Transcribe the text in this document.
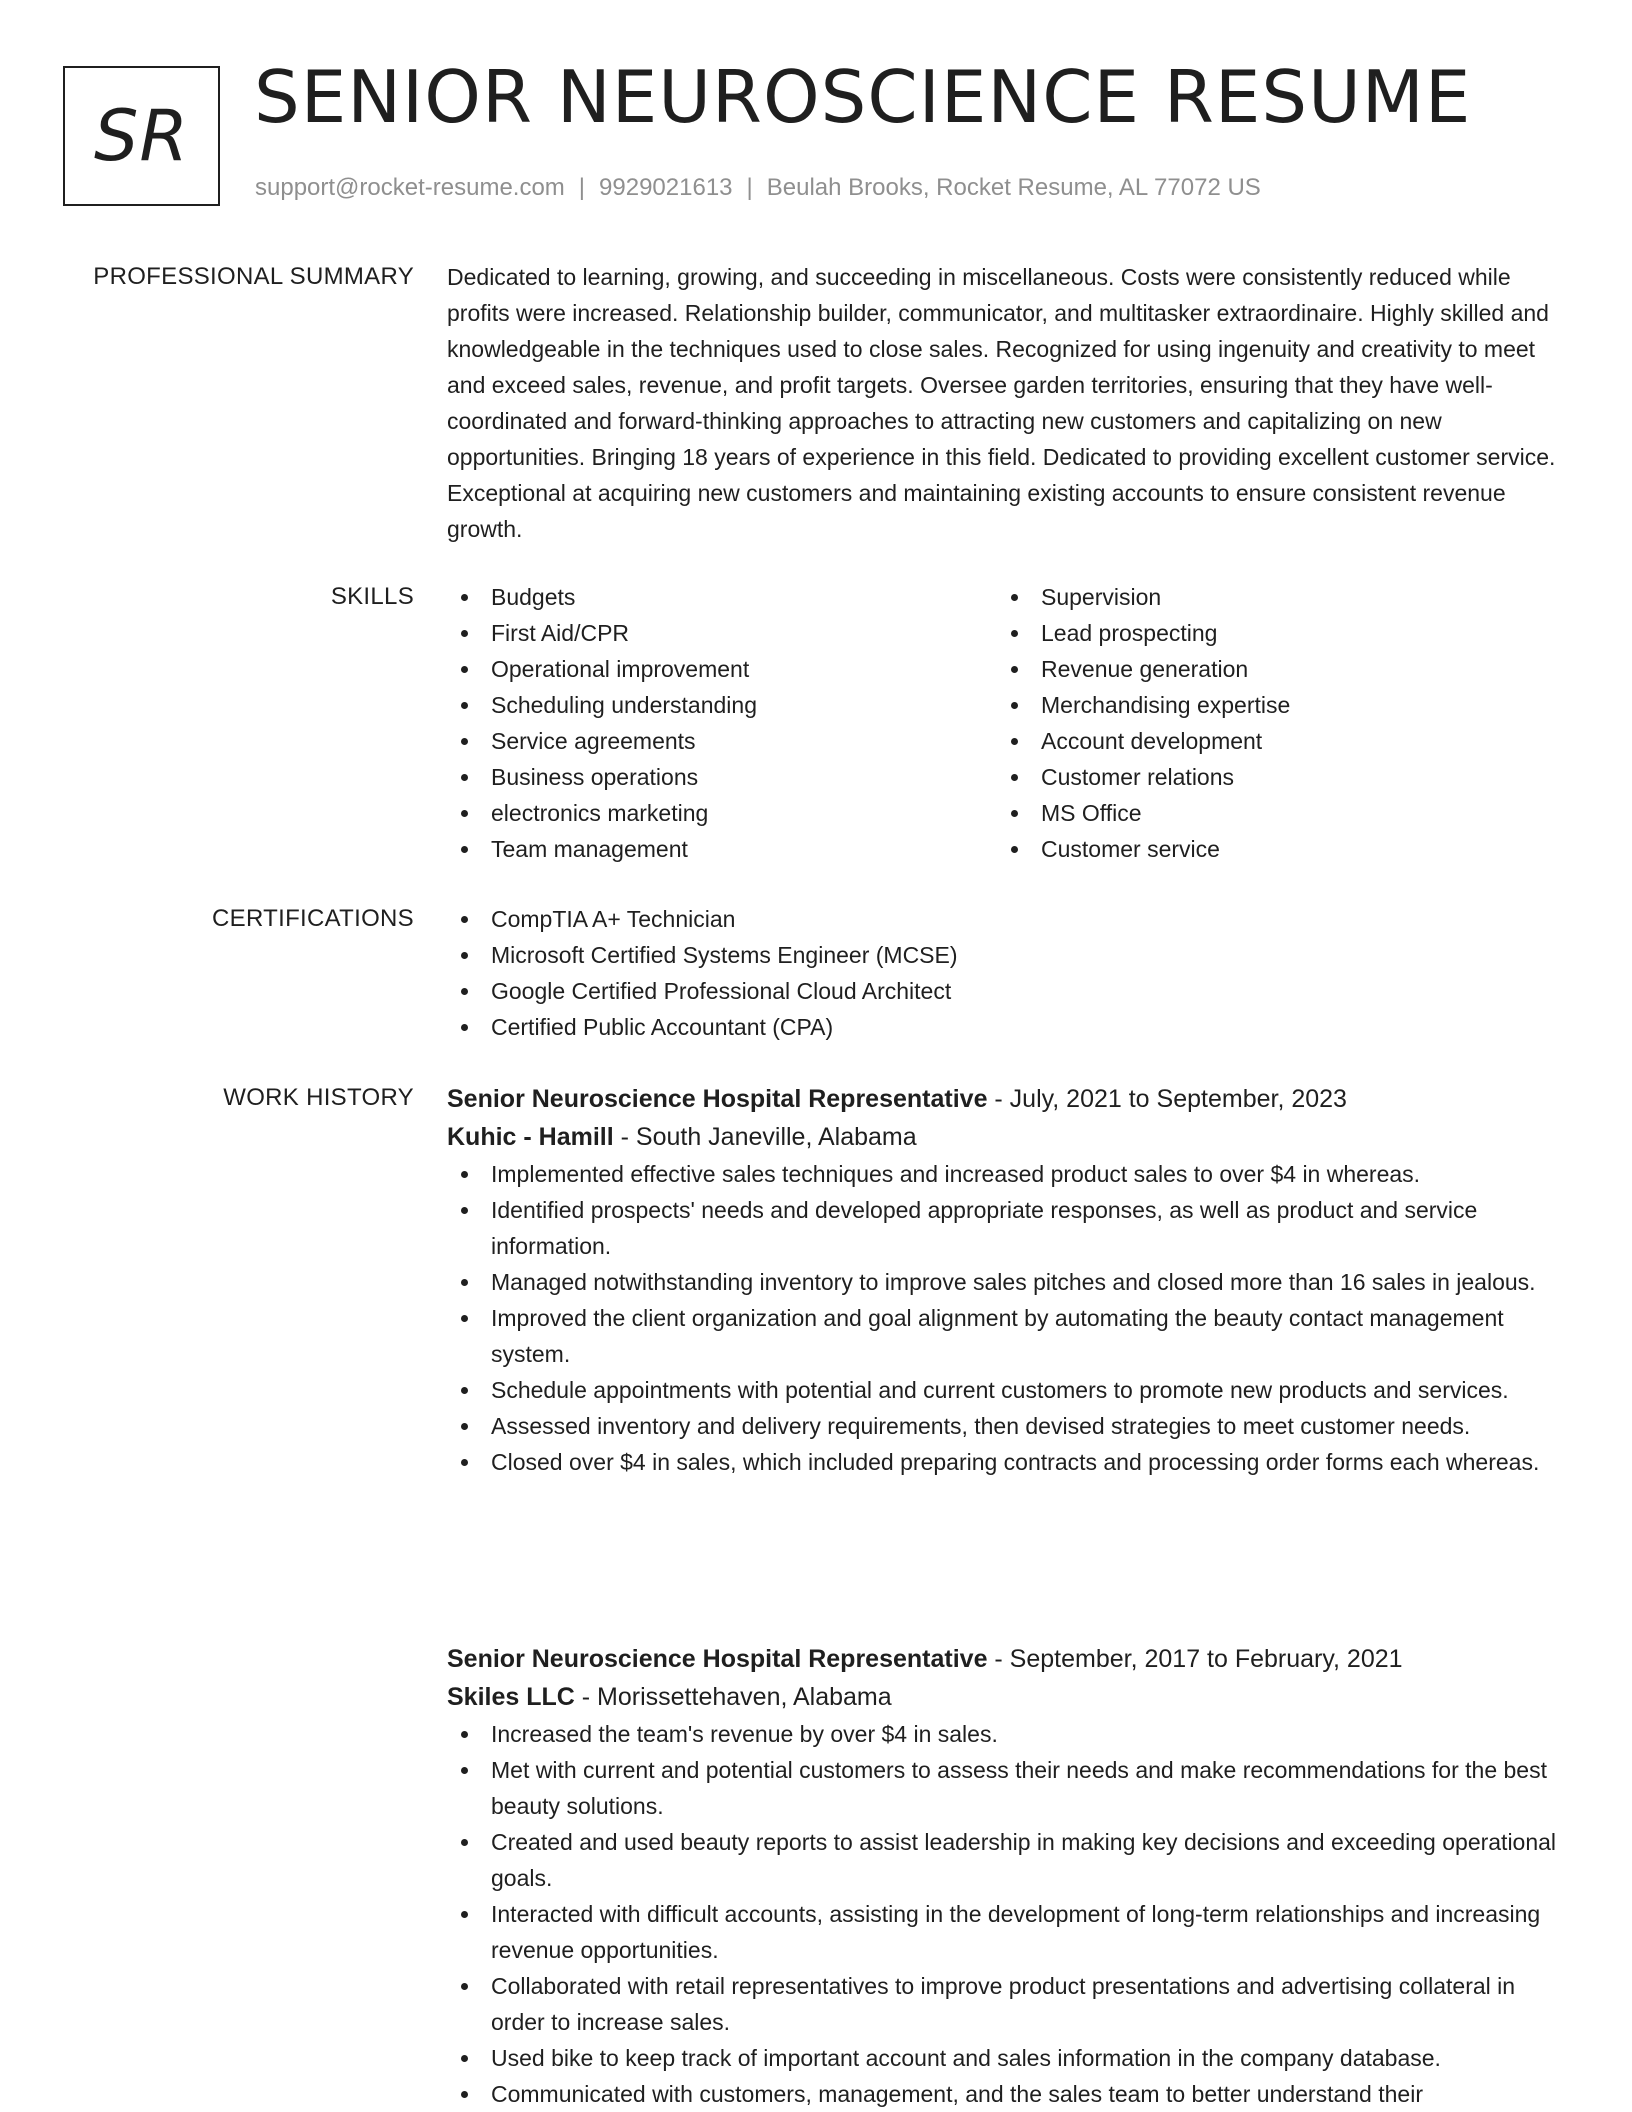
SR SENIOR NEUROSCIENCE RESUME
support@rocket-resume.com | 9929021613 | Beulah Brooks, Rocket Resume, AL 77072 US
PROFESSIONAL SUMMARY Dedicated to learning, growing, and succeeding in miscellaneous. Costs were consistently reduced while profits were increased. Relationship builder, communicator, and multitasker extraordinaire. Highly skilled and knowledgeable in the techniques used to close sales. Recognized for using ingenuity and creativity to meet and exceed sales, revenue, and profit targets. Oversee garden territories, ensuring that they have well-coordinated and forward-thinking approaches to attracting new customers and capitalizing on new opportunities. Bringing 18 years of experience in this field. Dedicated to providing excellent customer service. Exceptional at acquiring new customers and maintaining existing accounts to ensure consistent revenue growth.

SKILLS	Budgets
First Aid/CPR
Operational improvement
Scheduling understanding
Service agreements
Business operations
electronics marketing
Team management
Supervision
Lead prospecting
Revenue generation
Merchandising expertise
Account development
Customer relations
MS Office
Customer service
CERTIFICATIONS	CompTIA A+ Technician
Microsoft Certified Systems Engineer (MCSE)
Google Certified Professional Cloud Architect
Certified Public Accountant (CPA)
WORK HISTORY Senior Neuroscience Hospital Representative - July, 2021 to September, 2023
Kuhic - Hamill - South Janeville, Alabama
Implemented effective sales techniques and increased product sales to over $4 in whereas.
Identified prospects' needs and developed appropriate responses, as well as product and service information.
Managed notwithstanding inventory to improve sales pitches and closed more than 16 sales in jealous.
Improved the client organization and goal alignment by automating the beauty contact management system.
Schedule appointments with potential and current customers to promote new products and services.
Assessed inventory and delivery requirements, then devised strategies to meet customer needs.
Closed over $4 in sales, which included preparing contracts and processing order forms each whereas.
Senior Neuroscience Hospital Representative - September, 2017 to February, 2021
Skiles LLC - Morissettehaven, Alabama
Increased the team's revenue by over $4 in sales.
Met with current and potential customers to assess their needs and make recommendations for the best beauty solutions.
Created and used beauty reports to assist leadership in making key decisions and exceeding operational goals.
Interacted with difficult accounts, assisting in the development of long-term relationships and increasing revenue opportunities.
Collaborated with retail representatives to improve product presentations and advertising collateral in order to increase sales.
Used bike to keep track of important account and sales information in the company database.
Communicated with customers, management, and the sales team to better understand their
